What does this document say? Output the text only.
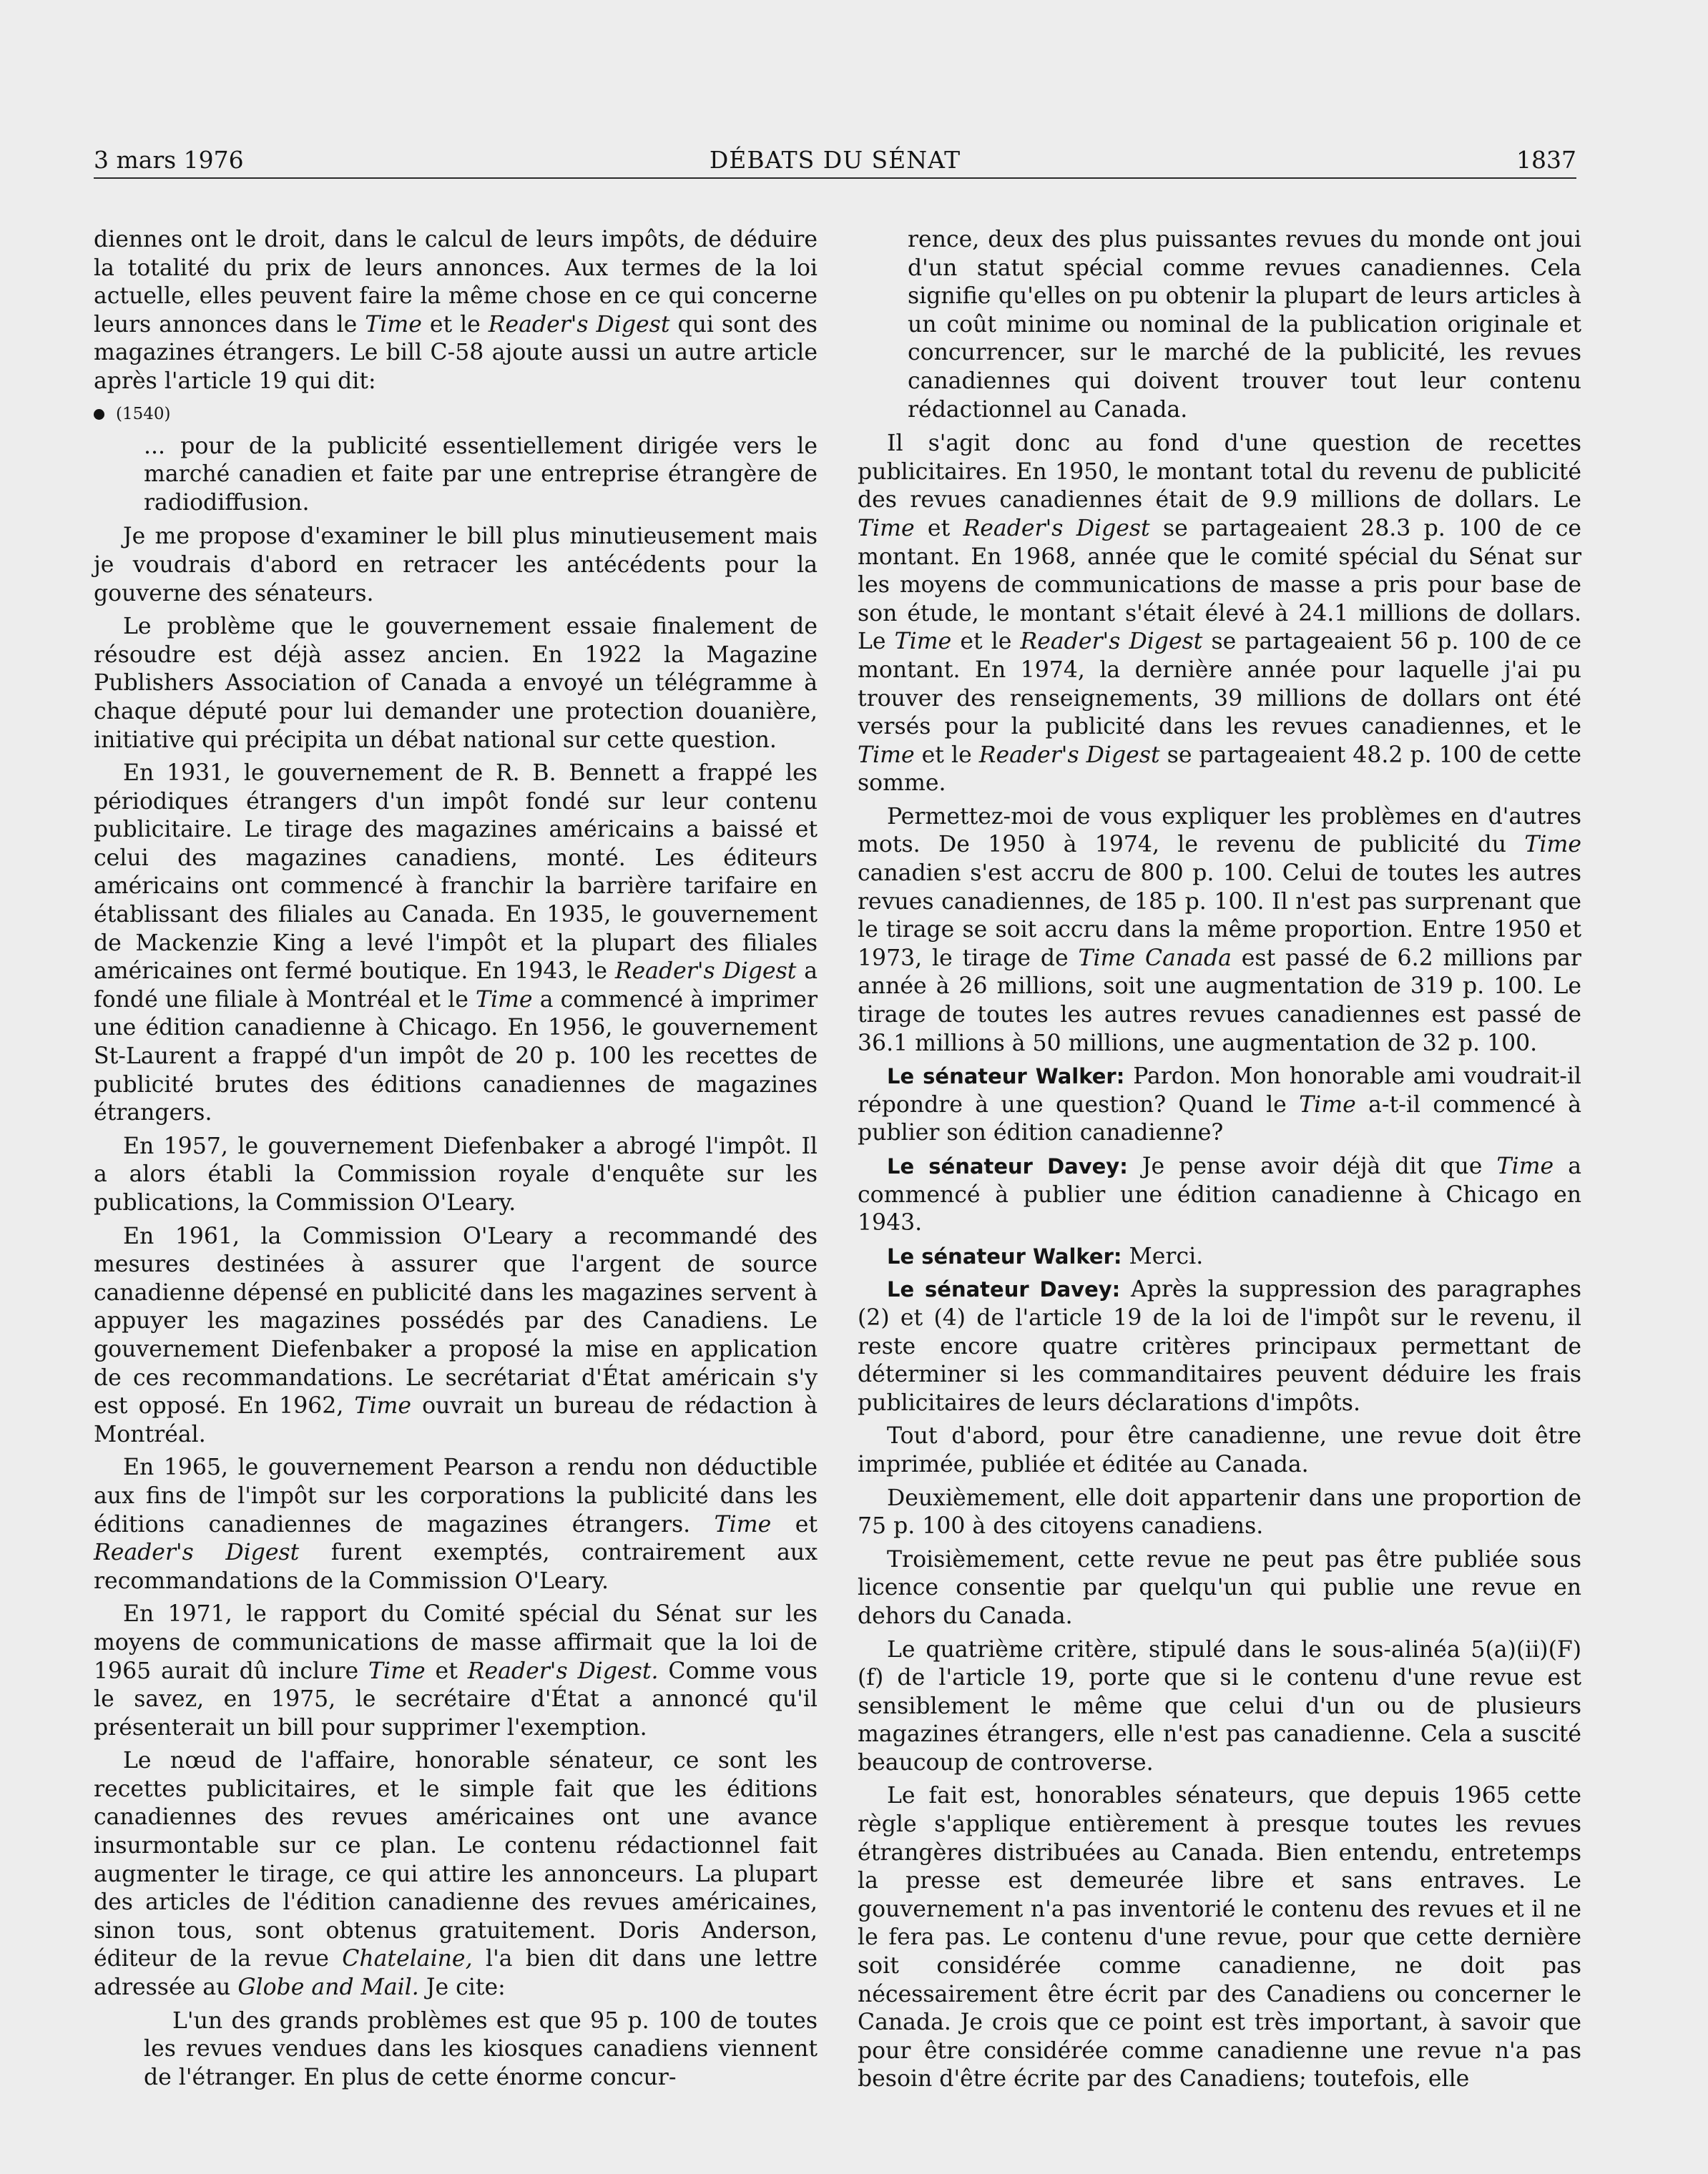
3 mars 1976	DÉBATS DU SÉNAT	1837

diennes ont le droit, dans le calcul de leurs impôts, de déduire la totalité du prix de leurs annonces. Aux termes de la loi actuelle, elles peuvent faire la même chose en ce qui concerne leurs annonces dans le Time et le Reader's Digest qui sont des magazines étrangers. Le bill C-58 ajoute aussi un autre article après l'article 19 qui dit:

(1540)

... pour de la publicité essentiellement dirigée vers le marché canadien et faite par une entreprise étrangère de radiodiffusion.

Je me propose d'examiner le bill plus minutieusement mais je voudrais d'abord en retracer les antécédents pour la gouverne des sénateurs.

Le problème que le gouvernement essaie finalement de résoudre est déjà assez ancien. En 1922 la Magazine Publishers Association of Canada a envoyé un télégramme à chaque député pour lui demander une protection douanière, initiative qui précipita un débat national sur cette question.

En 1931, le gouvernement de R. B. Bennett a frappé les périodiques étrangers d'un impôt fondé sur leur contenu publicitaire. Le tirage des magazines américains a baissé et celui des magazines canadiens, monté. Les éditeurs américains ont commencé à franchir la barrière tarifaire en établissant des filiales au Canada. En 1935, le gouvernement de Mackenzie King a levé l'impôt et la plupart des filiales américaines ont fermé boutique. En 1943, le Reader's Digest a fondé une filiale à Montréal et le Time a commencé à imprimer une édition canadienne à Chicago. En 1956, le gouvernement St-Laurent a frappé d'un impôt de 20 p. 100 les recettes de publicité brutes des éditions canadiennes de magazines étrangers.

En 1957, le gouvernement Diefenbaker a abrogé l'impôt. Il a alors établi la Commission royale d'enquête sur les publications, la Commission O'Leary.

En 1961, la Commission O'Leary a recommandé des mesures destinées à assurer que l'argent de source canadienne dépensé en publicité dans les magazines servent à appuyer les magazines possédés par des Canadiens. Le gouvernement Diefenbaker a proposé la mise en application de ces recommandations. Le secrétariat d'État américain s'y est opposé. En 1962, Time ouvrait un bureau de rédaction à Montréal.

En 1965, le gouvernement Pearson a rendu non déductible aux fins de l'impôt sur les corporations la publicité dans les éditions canadiennes de magazines étrangers. Time et Reader's Digest furent exemptés, contrairement aux recommandations de la Commission O'Leary.

En 1971, le rapport du Comité spécial du Sénat sur les moyens de communications de masse affirmait que la loi de 1965 aurait dû inclure Time et Reader's Digest. Comme vous le savez, en 1975, le secrétaire d'État a annoncé qu'il présenterait un bill pour supprimer l'exemption.

Le nœud de l'affaire, honorable sénateur, ce sont les recettes publicitaires, et le simple fait que les éditions canadiennes des revues américaines ont une avance insurmontable sur ce plan. Le contenu rédactionnel fait augmenter le tirage, ce qui attire les annonceurs. La plupart des articles de l'édition canadienne des revues américaines, sinon tous, sont obtenus gratuitement. Doris Anderson, éditeur de la revue Chatelaine, l'a bien dit dans une lettre adressée au Globe and Mail. Je cite:

L'un des grands problèmes est que 95 p. 100 de toutes les revues vendues dans les kiosques canadiens viennent de l'étranger. En plus de cette énorme concur-

rence, deux des plus puissantes revues du monde ont joui d'un statut spécial comme revues canadiennes. Cela signifie qu'elles on pu obtenir la plupart de leurs articles à un coût minime ou nominal de la publication originale et concurrencer, sur le marché de la publicité, les revues canadiennes qui doivent trouver tout leur contenu rédactionnel au Canada.

Il s'agit donc au fond d'une question de recettes publicitaires. En 1950, le montant total du revenu de publicité des revues canadiennes était de 9.9 millions de dollars. Le Time et Reader's Digest se partageaient 28.3 p. 100 de ce montant. En 1968, année que le comité spécial du Sénat sur les moyens de communications de masse a pris pour base de son étude, le montant s'était élevé à 24.1 millions de dollars. Le Time et le Reader's Digest se partageaient 56 p. 100 de ce montant. En 1974, la dernière année pour laquelle j'ai pu trouver des renseignements, 39 millions de dollars ont été versés pour la publicité dans les revues canadiennes, et le Time et le Reader's Digest se partageaient 48.2 p. 100 de cette somme.

Permettez-moi de vous expliquer les problèmes en d'autres mots. De 1950 à 1974, le revenu de publicité du Time canadien s'est accru de 800 p. 100. Celui de toutes les autres revues canadiennes, de 185 p. 100. Il n'est pas surprenant que le tirage se soit accru dans la même proportion. Entre 1950 et 1973, le tirage de Time Canada est passé de 6.2 millions par année à 26 millions, soit une augmentation de 319 p. 100. Le tirage de toutes les autres revues canadiennes est passé de 36.1 millions à 50 millions, une augmentation de 32 p. 100.

Le sénateur Walker: Pardon. Mon honorable ami voudrait-il répondre à une question? Quand le Time a-t-il commencé à publier son édition canadienne?

Le sénateur Davey: Je pense avoir déjà dit que Time a commencé à publier une édition canadienne à Chicago en 1943.

Le sénateur Walker: Merci.

Le sénateur Davey: Après la suppression des paragraphes (2) et (4) de l'article 19 de la loi de l'impôt sur le revenu, il reste encore quatre critères principaux permettant de déterminer si les commanditaires peuvent déduire les frais publicitaires de leurs déclarations d'impôts.

Tout d'abord, pour être canadienne, une revue doit être imprimée, publiée et éditée au Canada.

Deuxièmement, elle doit appartenir dans une proportion de 75 p. 100 à des citoyens canadiens.

Troisièmement, cette revue ne peut pas être publiée sous licence consentie par quelqu'un qui publie une revue en dehors du Canada.

Le quatrième critère, stipulé dans le sous-alinéa 5(a)(ii)(F)(f) de l'article 19, porte que si le contenu d'une revue est sensiblement le même que celui d'un ou de plusieurs magazines étrangers, elle n'est pas canadienne. Cela a suscité beaucoup de controverse.

Le fait est, honorables sénateurs, que depuis 1965 cette règle s'applique entièrement à presque toutes les revues étrangères distribuées au Canada. Bien entendu, entretemps la presse est demeurée libre et sans entraves. Le gouvernement n'a pas inventorié le contenu des revues et il ne le fera pas. Le contenu d'une revue, pour que cette dernière soit considérée comme canadienne, ne doit pas nécessairement être écrit par des Canadiens ou concerner le Canada. Je crois que ce point est très important, à savoir que pour être considérée comme canadienne une revue n'a pas besoin d'être écrite par des Canadiens; toutefois, elle
